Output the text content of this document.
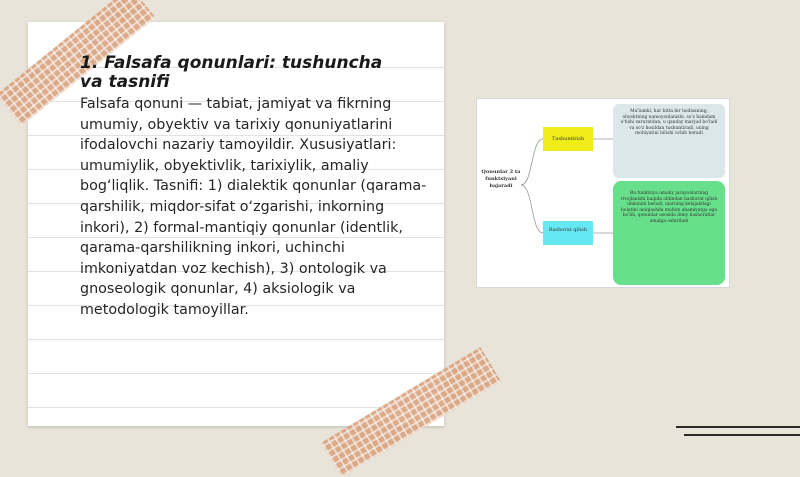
1. Falsafa qonunlari: tushuncha va tasnifi

Falsafa qonuni — tabiat, jamiyat va fikrning umumiy, obyektiv va tarixiy qonuniyatlarini ifodalovchi nazariy tamoyildir. Xususiyatlari: umumiylik, obyektivlik, tarixiylik, amaliy bog‘liqlik. Tasnifi: 1) dialektik qonunlar (qarama-qarshilik, miqdor-sifat o‘zgarishi, inkorning inkori), 2) formal-mantiqiy qonunlar (identlik, qarama-qarshilikning inkori, uchinchi imkoniyatdan voz kechish), 3) ontologik va gnoseologik qonunlar, 4) aksiologik va metodologik tamoyillar.

Qonunlar 2 ta funktsiyani bajaradi
Tushuntirish
Bashorat qilish
Ma'lumki, har bitta bir hodisaning, obyektning namoyonlanishi, so'z hamdam o'tishi zaruratdan, u qanday mavjud bo'ladi va so'z hosildan tushuntiradi, uning mohiyatini bilishi ochib beradi
Bu funktsiya amaliy jarayonlarning rivojlanishi haqida oldindan bashorat qilish imkonini beradi, ularning kelajakdagi holatini aniqlashda muhim ahamiyatga ega bo'lib, qonunlar asosida ilmiy bashoratlar amalga oshiriladi
